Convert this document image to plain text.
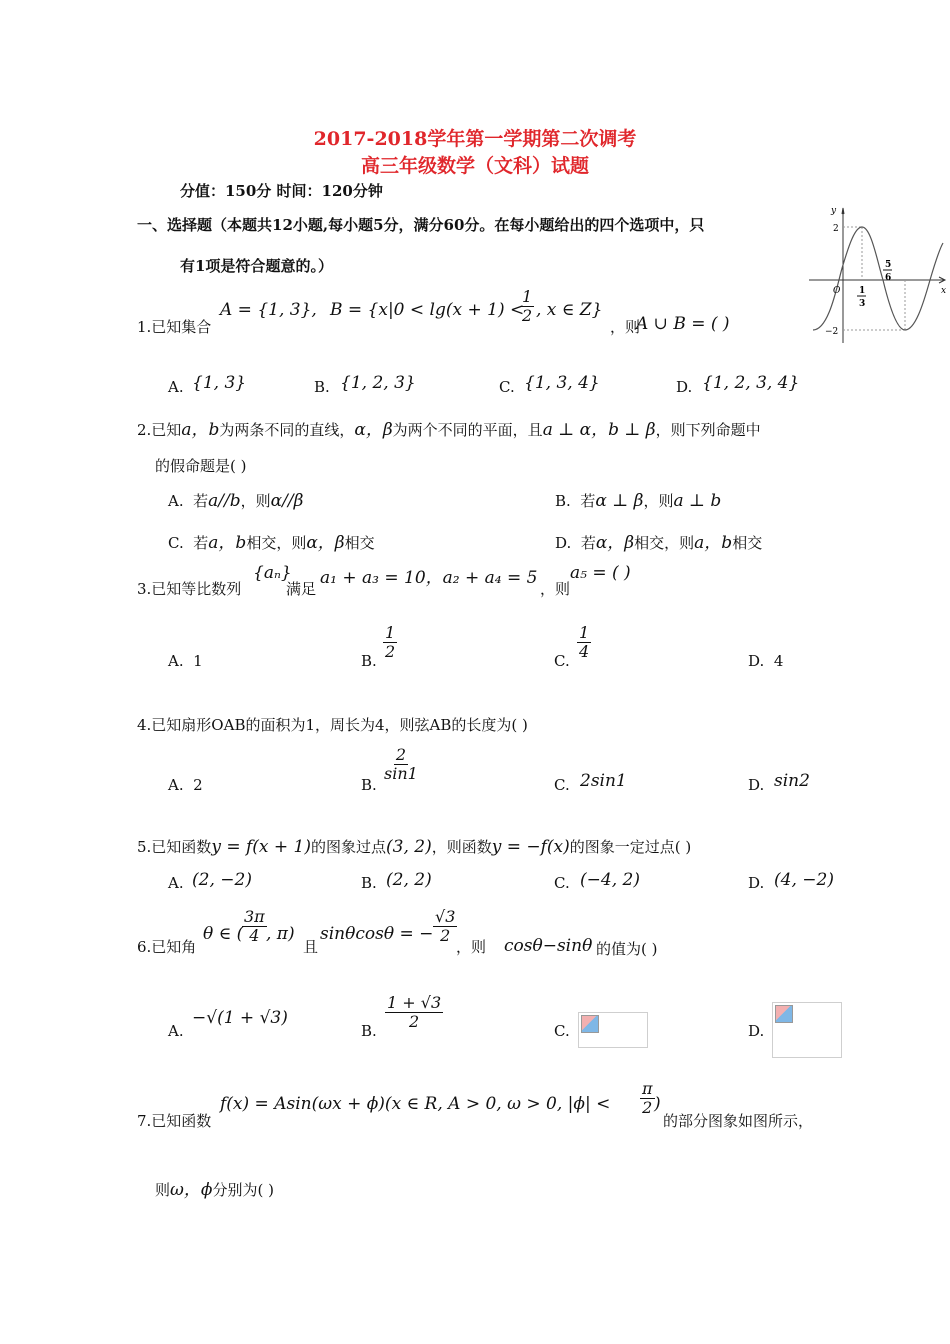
2017-2018学年第一学期第二次调考
高三年级数学（文科）试题
分值：150分 时间：120分钟
一、选择题（本题共12小题,每小题5分，满分60分。在每小题给出的四个选项中，只
有1项是符合题意的。）
y
x
O
2
−2
1
3
5
6
1.已知集合
A = {1, 3}, B = {x|0 < lg(x + 1) <
$\frac{1}{2}$ , x ∈ Z}
，则
A ∪ B = ( )
A. {1, 3}	B. {1, 2, 3}	C. {1, 3, 4}	D. {1, 2, 3, 4}
2.已知a，b为两条不同的直线，α，β为两个不同的平面，且a ⊥ α，b ⊥ β，则下列命题中
的假命题是( )
A. 若a//b，则α//β	B. 若α ⊥ β，则a ⊥ b
C. 若a，b相交，则α，β相交	D. 若α，β相交，则a，b相交
3.已知等比数列
{aₙ}
满足
a₁ + a₃ = 10，a₂ + a₄ = 5
，则
a₅ = ( )
A. 1	B. $\frac{1}{2}$	C. $\frac{1}{4}$	D. 4
4.已知扇形OAB的面积为1，周长为4，则弦AB的长度为( )
A. 2	B.
$\frac{2}{\sin 1}$
C. 2sin1	D. sin2
5.已知函数y = f(x + 1)的图象过点(3, 2)，则函数y = −f(x)的图象一定过点( )
A. (2, −2)	B. (2, 2)	C. (−4, 2)	D. (4, −2)
6.已知角
θ ∈ (
$\frac{3\pi}{4}$ , π)
且
sinθcosθ = − $\frac{√3}{2}$
，则 cosθ−sinθ 的值为( )
A.
−√(1 + √3)
B. $\frac{1 + √3}{2}$	C.	D.
7.已知函数
f(x) = Asin(ωx + ϕ)(x ∈ R, A > 0, ω > 0, $|\phi| < \frac{\pi}{2}$ )
的部分图象如图所示，
则ω，ϕ分别为( )
